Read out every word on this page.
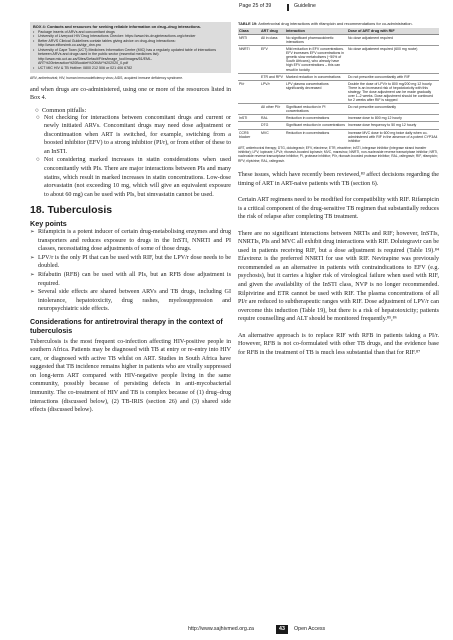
Page 25 of 39	Guideline
BOX 4: Contacts and resources for seeking reliable information on drug–drug interactions.
• Package inserts of ARVs and concomitant drugs
• University of Liverpool HIV Drug Interactions Checker: https://www.hiv-druginteractions.org/checker
• Better ARVS Clinical Guidelines contain tables giving advice on drug-drug interactions: http://www.eliforsimb.co.za/dgr_dnn.pro
• University of Cape Town (UCT) Medicines Information Centre (MIC) has a regularly updated table of interactions between ARVs and drugs used in the public sector (essential medicines list): http://www.mic.uct.ac.za/Sites/Default/Files/image_tool/images/51/EML-ART%20Interaction%20Booklet%20MAY%202020_0.pdf
• UCT MIC HIV & TB Hotline: 0800 212 506 or 021 406 6782
ARV, antiretroviral; HIV, human immunodeficiency virus; AIDS, acquired immune deficiency syndrome.
and when drugs are co-administered, using one or more of the resources listed in Box 4.
○  Common pitfalls:
○ Not checking for interactions between concomitant drugs and current or newly initiated ARVs. Concomitant drugs may need dose adjustment or discontinuation when ART is switched, for example, switching from a boosted inhibitor (EFV) to a strong inhibitor (PI/r), or from either of these to an InSTI.
○ Not considering marked increases in statin considerations when used concomitantly with PIs. There are major interactions between PIs and many statins, which result in marked increases in statin concentrations. Low-dose atorvastatin (not exceeding 10 mg, which will give an equivalent exposure to about 60 mg) can be used with PIs, but simvastatin cannot be used.
18. Tuberculosis
Key points
➢ Rifampicin is a potent inducer of certain drug-metabolising enzymes and drug transporters and reduces exposure to drugs in the InSTI, NNRTI and PI classes, necessitating dose adjustments of some of those drugs.
➢ LPV/r is the only PI that can be used with RIF, but the LPV/r dose needs to be doubled.
➢ Rifabutin (RFB) can be used with all PIs, but an RFB dose adjustment is required.
➢ Several side effects are shared between ARVs and TB drugs, including GI intolerance, hepatotoxicity, drug rashes, myelosuppression and neuropsychiatric side effects.
Considerations for antiretroviral therapy in the context of tuberculosis
Tuberculosis is the most frequent co-infection affecting HIV-positive people in southern Africa. Patients may be diagnosed with TB at entry or re-entry into HIV care, or diagnosed with active TB whilst on ART. Studies in South Africa have suggested that TB incidence remains higher in patients who are virally suppressed on long-term ART compared with HIV-negative people living in the same community, possibly because of persisting defects in anti-mycobacterial immunity. The co-treatment of HIV and TB is complex because of (1) drug–drug interactions (discussed below), (2) TB-IRIS (section 26) and (3) shared side effects (discussed below).
TABLE 19: Antiretroviral drug interactions with rifampicin and recommendations for co-administration.
Class	ART drug	Interaction	Dose of ART drug with RIF
NRTI	All in class	No significant pharmacokinetic interactions	No dose adjustment required
NNRTI	EFV	Mild reduction in EFV concentrations. EFV increases EFV concentrations in genetic slow metabolisers (~50% of South Africans), who already have high EFV concentrations – this can result in toxicity	No dose adjustment required (600 mg nocte)
	ETR and RPV	Marked reduction in concentrations	Do not prescribe concomitantly with RIF
PI/r	LPV/r	LPV plasma concentrations significantly decreased	Double the dose of LPV/r to 800 mg/200 mg 12 hourly. There is an increased risk of hepatotoxicity with this strategy. The dose adjustment can be made gradually over 1–2 weeks. Dose adjustment should be continued for 2 weeks after RIF is stopped
	All other PI/r	Significant reduction in PI concentrations	Do not prescribe concomitantly
InSTI	RAL	Reduction in concentrations	Increase dose to 800 mg 12 hourly
	DTG	Significant reduction in concentrations	Increase dose frequency to 50 mg 12 hourly
CCR5 blocker	MVC	Reduction in concentrations	Increase MVC dose to 600 mg twice daily when co-administered with RIF in the absence of a potent CYP3A4 inhibitor
ART, antiretroviral therapy; DTG, dolutegravir; EFV, efavirenz; ETR, etravirine; InSTI, integrase inhibitor (integrase strand transfer inhibitor); LPV, lopinavir; LPV/r, ritonavir-boosted lopinavir; MVC, maraviroc; NNRTI, non-nucleoside reverse transcriptase inhibitor; NRTI, nucleoside reverse transcriptase inhibitor; PI, protease inhibitor; PI/r, ritonavir-boosted protease inhibitor; RAL, raltegravir; RIF, rifampicin; RPV, rilpivirine; RAL, raltegravir.
These issues, which have recently been reviewed,⁸³ affect decisions regarding the timing of ART in ART-naive patients with TB (section 6).
Certain ART regimens need to be modified for compatibility with RIF. Rifampicin is a critical component of the drug-sensitive TB regimen that substantially reduces the risk of relapse after completing TB treatment.
There are no significant interactions between NRTIs and RIF; however, InSTIs, NNRTIs, PIs and MVC all exhibit drug interactions with RIF. Dolutegravir can be used in patients receiving RIF, but a dose adjustment is required (Table 19).⁸⁴ Efavirenz is the preferred NNRTI for use with RIF. Nevirapine was previously recommended as an alternative in patients with contraindications to EFV (e.g. psychosis), but it carries a higher risk of virological failure when used with RIF, and given the availability of the InSTI class, NVP is no longer recommended. Rilpivirine and ETR cannot be used with RIF. The plasma concentrations of all PI/r are reduced to subtherapeutic ranges with RIF. Dose adjustment of LPV/r can overcome this induction (Table 19), but there is a risk of hepatotoxicity; patients require counselling and ALT should be monitored frequently.⁸⁵,⁸⁶
An alternative approach is to replace RIF with RFB in patients taking a PI/r. However, RFB is not co-formulated with other TB drugs, and the evidence base for RFB in the treatment of TB is much less substantial than that for RIF.⁸⁷
http://www.sajhivmed.org.za	43	Open Access
